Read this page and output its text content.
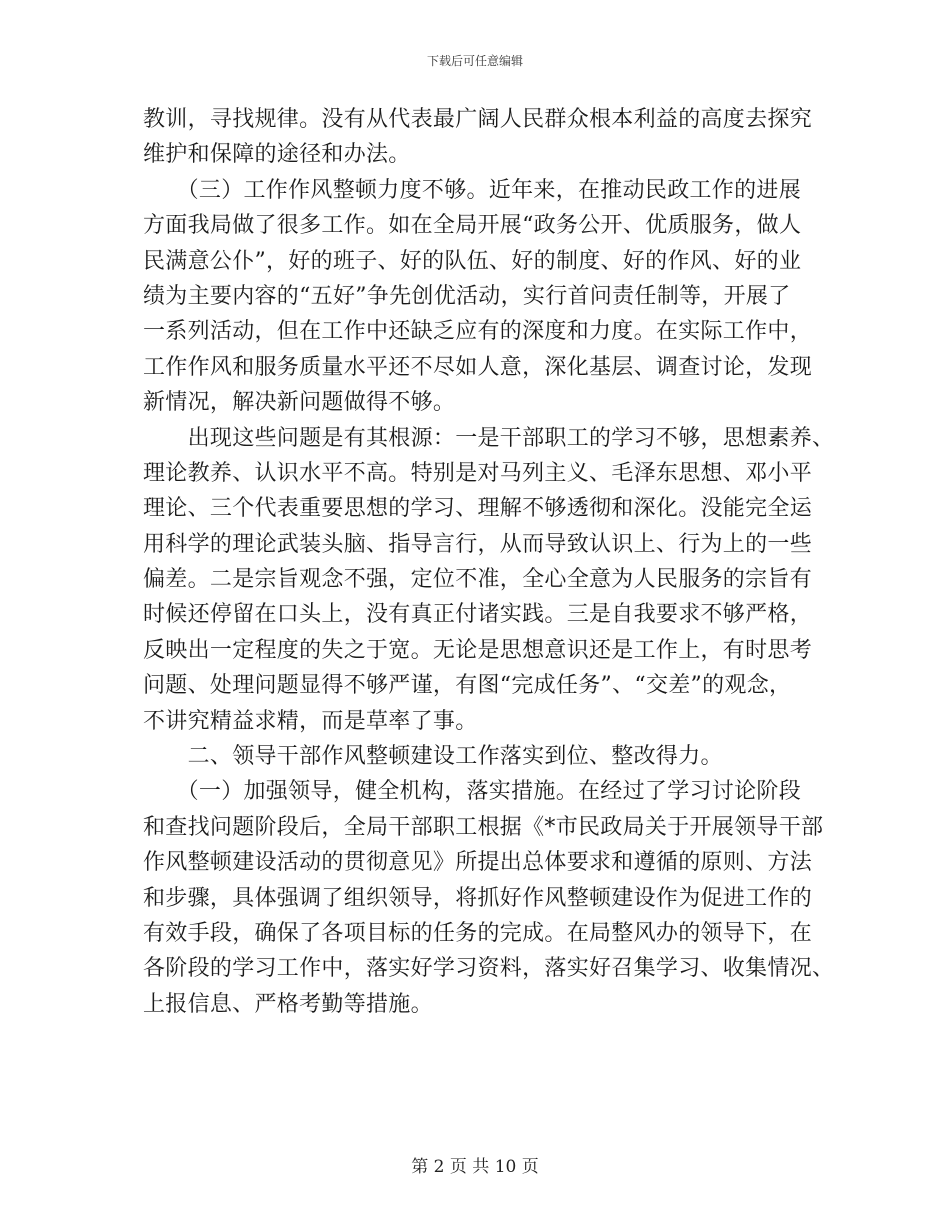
下载后可任意编辑
教训，寻找规律。没有从代表最广阔人民群众根本利益的高度去探究
维护和保障的途径和办法。
　　（三）工作作风整顿力度不够。近年来，在推动民政工作的进展
方面我局做了很多工作。如在全局开展“政务公开、优质服务，做人
民满意公仆”，好的班子、好的队伍、好的制度、好的作风、好的业
绩为主要内容的“五好”争先创优活动，实行首问责任制等，开展了
一系列活动，但在工作中还缺乏应有的深度和力度。在实际工作中，
工作作风和服务质量水平还不尽如人意，深化基层、调查讨论，发现
新情况，解决新问题做得不够。
　　出现这些问题是有其根源：一是干部职工的学习不够，思想素养、
理论教养、认识水平不高。特别是对马列主义、毛泽东思想、邓小平
理论、三个代表重要思想的学习、理解不够透彻和深化。没能完全运
用科学的理论武装头脑、指导言行，从而导致认识上、行为上的一些
偏差。二是宗旨观念不强，定位不准，全心全意为人民服务的宗旨有
时候还停留在口头上，没有真正付诸实践。三是自我要求不够严格，
反映出一定程度的失之于宽。无论是思想意识还是工作上，有时思考
问题、处理问题显得不够严谨，有图“完成任务”、“交差”的观念，
不讲究精益求精，而是草率了事。
　　二、领导干部作风整顿建设工作落实到位、整改得力。
　　（一）加强领导，健全机构，落实措施。在经过了学习讨论阶段
和查找问题阶段后，全局干部职工根据《*市民政局关于开展领导干部
作风整顿建设活动的贯彻意见》所提出总体要求和遵循的原则、方法
和步骤，具体强调了组织领导，将抓好作风整顿建设作为促进工作的
有效手段，确保了各项目标的任务的完成。在局整风办的领导下，在
各阶段的学习工作中，落实好学习资料，落实好召集学习、收集情况、
上报信息、严格考勤等措施。
第 2 页 共 10 页
